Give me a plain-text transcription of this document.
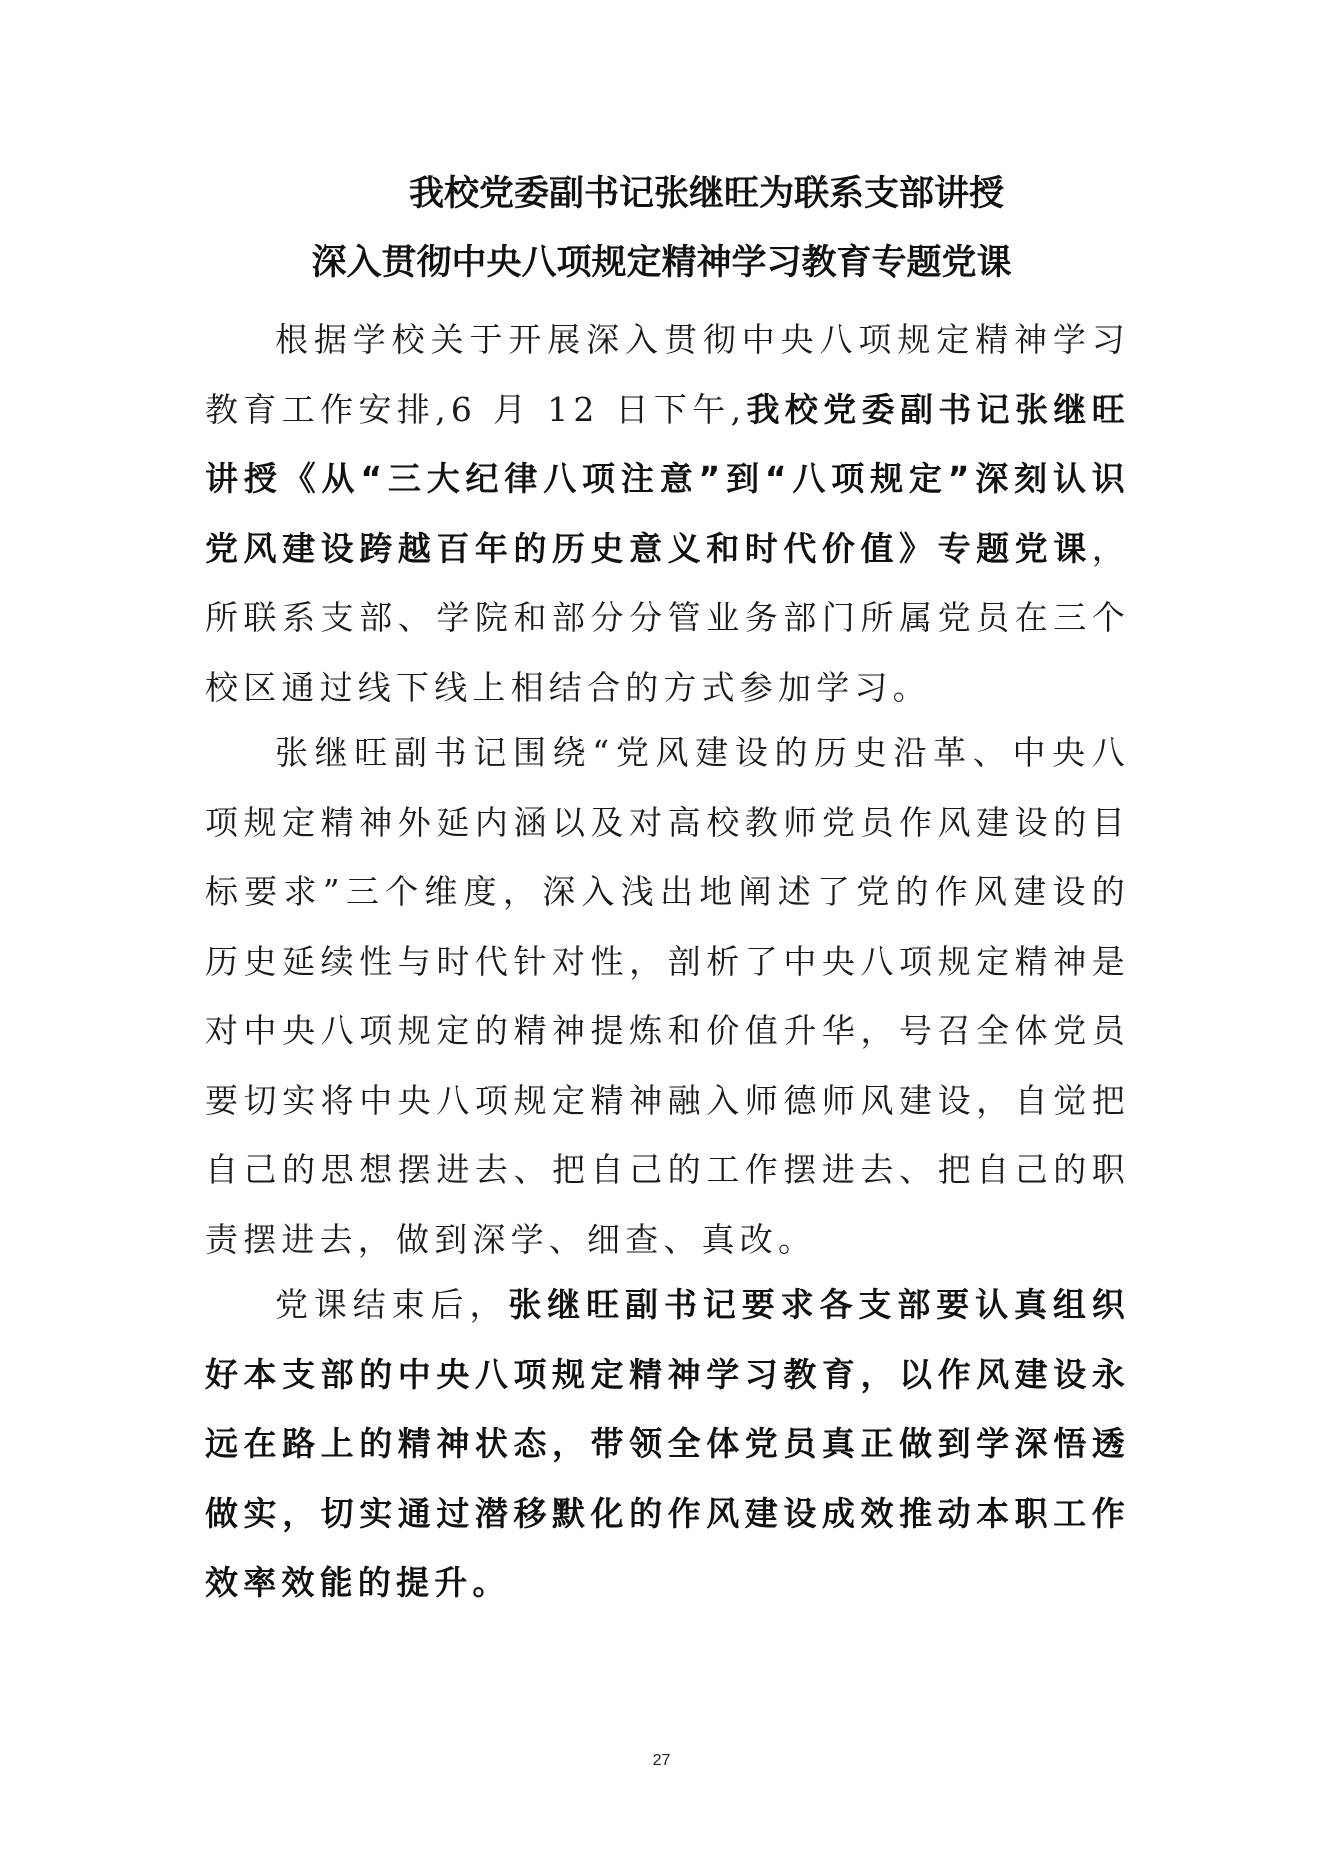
我校党委副书记张继旺为联系支部讲授
深入贯彻中央八项规定精神学习教育专题党课

根据学校关于开展深入贯彻中央八项规定精神学习教育工作安排,6 月 12 日下午,我校党委副书记张继旺讲授《从“三大纪律八项注意”到“八项规定”深刻认识党风建设跨越百年的历史意义和时代价值》专题党课，所联系支部、学院和部分分管业务部门所属党员在三个校区通过线下线上相结合的方式参加学习。

张继旺副书记围绕“党风建设的历史沿革、中央八项规定精神外延内涵以及对高校教师党员作风建设的目标要求”三个维度，深入浅出地阐述了党的作风建设的历史延续性与时代针对性，剖析了中央八项规定精神是对中央八项规定的精神提炼和价值升华，号召全体党员要切实将中央八项规定精神融入师德师风建设，自觉把自己的思想摆进去、把自己的工作摆进去、把自己的职责摆进去，做到深学、细查、真改。

党课结束后，张继旺副书记要求各支部要认真组织好本支部的中央八项规定精神学习教育，以作风建设永远在路上的精神状态，带领全体党员真正做到学深悟透做实，切实通过潜移默化的作风建设成效推动本职工作效率效能的提升。

27
